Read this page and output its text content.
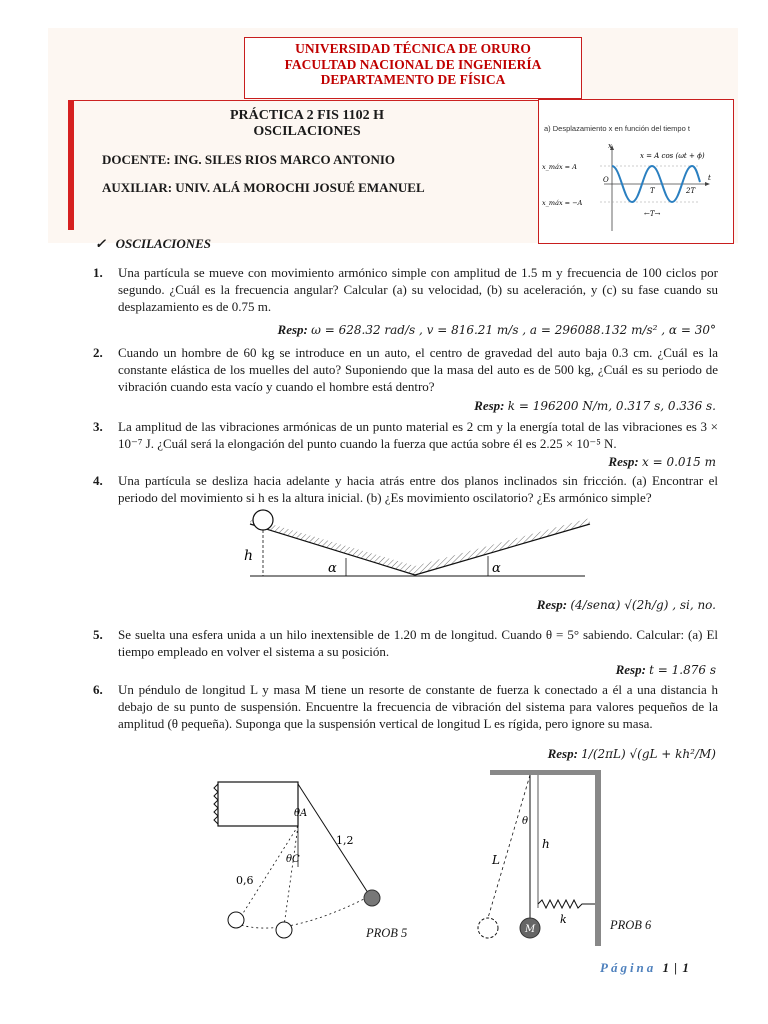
UNIVERSIDAD TÉCNICA DE ORURO
FACULTAD NACIONAL DE INGENIERÍA
DEPARTAMENTO DE FÍSICA
PRÁCTICA 2 FIS 1102 H
OSCILACIONES
DOCENTE: ING. SILES RIOS MARCO ANTONIO
AUXILIAR: UNIV. ALÁ MOROCHI JOSUÉ EMANUEL
a) Desplazamiento x en función del tiempo t
x
t
x_máx = A
x_máx = −A
O
x = A cos (ωt + ϕ)
T	2T
←T→
✓   OSCILACIONES
1. Una partícula se mueve con movimiento armónico simple con amplitud de 1.5 m y frecuencia de 100 ciclos por segundo. ¿Cuál es la frecuencia angular? Calcular (a) su velocidad, (b) su aceleración, y (c) su fase cuando su desplazamiento es de 0.75 m.
Resp: ω = 628.32 rad/s , v = 816.21 m/s , a = 296088.132 m/s² , α = 30°
2. Cuando un hombre de 60 kg se introduce en un auto, el centro de gravedad del auto baja 0.3 cm. ¿Cuál es la constante elástica de los muelles del auto? Suponiendo que la masa del auto es de 500 kg, ¿Cuál es su periodo de vibración cuando esta vacío y cuando el hombre está dentro?
Resp: k = 196200 N/m, 0.317 s, 0.336 s.
3. La amplitud de las vibraciones armónicas de un punto material es 2 cm y la energía total de las vibraciones es 3 × 10⁻⁷ J. ¿Cuál será la elongación del punto cuando la fuerza que actúa sobre él es 2.25 × 10⁻⁵ N.
Resp: x = 0.015 m
4. Una partícula se desliza hacia adelante y hacia atrás entre dos planos inclinados sin fricción. (a) Encontrar el periodo del movimiento si h es la altura inicial. (b) ¿Es movimiento oscilatorio? ¿Es armónico simple?
h
α	α
Resp: (4/senα) √(2h/g) , si, no.
5. Se suelta una esfera unida a un hilo inextensible de 1.20 m de longitud. Cuando θ = 5° sabiendo. Calcular: (a) El tiempo empleado en volver el sistema a su posición.
Resp: t = 1.876 s
6. Un péndulo de longitud L y masa M tiene un resorte de constante de fuerza k conectado a él a una distancia h debajo de su punto de suspensión. Encuentre la frecuencia de vibración del sistema para valores pequeños de la amplitud (θ pequeña). Suponga que la suspensión vertical de longitud L es rígida, pero ignore su masa.
Resp: 1/(2πL) √(gL + kh²/M)
θA
θC
1,2
0,6
PROB 5
θ
h
L
k
M	PROB 6
Página 1 | 1
